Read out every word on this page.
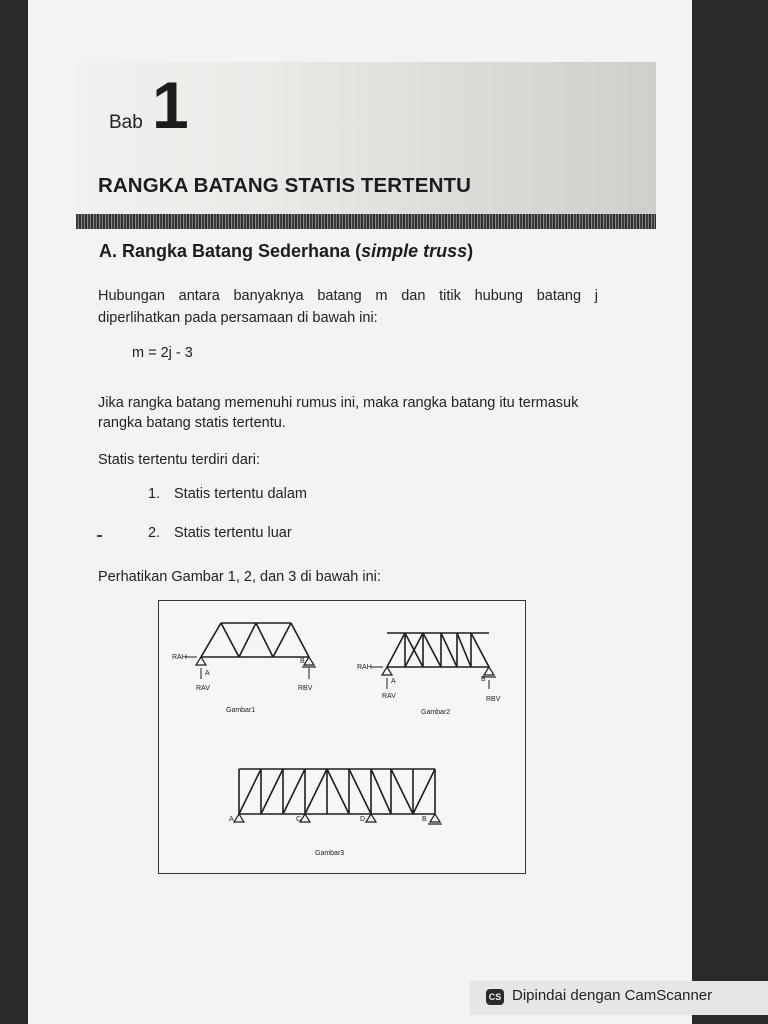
Bab 1
RANGKA BATANG STATIS TERTENTU
A. Rangka Batang Sederhana (simple truss)
Hubungan antara banyaknya batang m dan titik hubung batang j
diperlihatkan pada persamaan di bawah ini:
m = 2j - 3
Jika rangka batang memenuhi rumus ini, maka rangka batang itu termasuk
rangka batang statis tertentu.
Statis tertentu terdiri dari:
1. Statis tertentu dalam
2. Statis tertentu luar
Perhatikan Gambar 1, 2, dan 3 di bawah ini:
RAH
A
RAV
B
RBV
Gambar1
RAH
A
RAV
B
RBV
Gambar2
A	C	D	B
Gambar3
CS Dipindai dengan CamScanner
